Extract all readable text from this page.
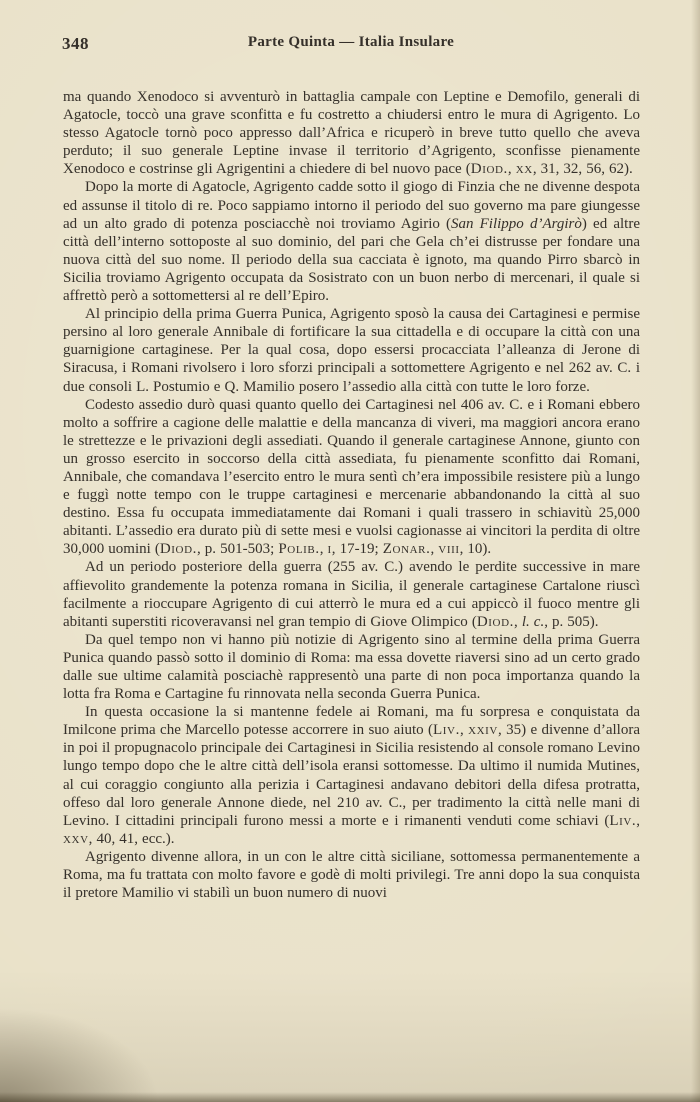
348	Parte Quinta — Italia Insulare

ma quando Xenodoco si avventurò in battaglia campale con Leptine e Demofilo, generali di Agatocle, toccò una grave sconfitta e fu costretto a chiudersi entro le mura di Agrigento. Lo stesso Agatocle tornò poco appresso dall’Africa e ricuperò in breve tutto quello che aveva perduto; il suo generale Leptine invase il territorio d’Agrigento, sconfisse pienamente Xenodoco e costrinse gli Agrigentini a chiedere di bel nuovo pace (Diod., xx, 31, 32, 56, 62).

Dopo la morte di Agatocle, Agrigento cadde sotto il giogo di Finzia che ne divenne despota ed assunse il titolo di re. Poco sappiamo intorno il periodo del suo governo ma pare giungesse ad un alto grado di potenza posciacchè noi troviamo Agirio (San Filippo d’Argirò) ed altre città dell’interno sottoposte al suo dominio, del pari che Gela ch’ei distrusse per fondare una nuova città del suo nome. Il periodo della sua cacciata è ignoto, ma quando Pirro sbarcò in Sicilia troviamo Agrigento occupata da Sosistrato con un buon nerbo di mercenari, il quale si affrettò però a sottomettersi al re dell’Epiro.

Al principio della prima Guerra Punica, Agrigento sposò la causa dei Cartaginesi e permise persino al loro generale Annibale di fortificare la sua cittadella e di occupare la città con una guarnigione cartaginese. Per la qual cosa, dopo essersi procacciata l’alleanza di Jerone di Siracusa, i Romani rivolsero i loro sforzi principali a sottomettere Agrigento e nel 262 av. C. i due consoli L. Postumio e Q. Mamilio posero l’assedio alla città con tutte le loro forze.

Codesto assedio durò quasi quanto quello dei Cartaginesi nel 406 av. C. e i Romani ebbero molto a soffrire a cagione delle malattie e della mancanza di viveri, ma maggiori ancora erano le strettezze e le privazioni degli assediati. Quando il generale cartaginese Annone, giunto con un grosso esercito in soccorso della città assediata, fu pienamente sconfitto dai Romani, Annibale, che comandava l’esercito entro le mura sentì ch’era impossibile resistere più a lungo e fuggì notte tempo con le truppe cartaginesi e mercenarie abbandonando la città al suo destino. Essa fu occupata immediatamente dai Romani i quali trassero in schiavitù 25,000 abitanti. L’assedio era durato più di sette mesi e vuolsi cagionasse ai vincitori la perdita di oltre 30,000 uomini (Diod., p. 501-503; Polib., i, 17-19; Zonar., viii, 10).

Ad un periodo posteriore della guerra (255 av. C.) avendo le perdite successive in mare affievolito grandemente la potenza romana in Sicilia, il generale cartaginese Cartalone riuscì facilmente a rioccupare Agrigento di cui atterrò le mura ed a cui appiccò il fuoco mentre gli abitanti superstiti ricoveravansi nel gran tempio di Giove Olimpico (Diod., l. c., p. 505).

Da quel tempo non vi hanno più notizie di Agrigento sino al termine della prima Guerra Punica quando passò sotto il dominio di Roma: ma essa dovette riaversi sino ad un certo grado dalle sue ultime calamità posciachè rappresentò una parte di non poca importanza quando la lotta fra Roma e Cartagine fu rinnovata nella seconda Guerra Punica.

In questa occasione la si mantenne fedele ai Romani, ma fu sorpresa e conquistata da Imilcone prima che Marcello potesse accorrere in suo aiuto (Liv., xxiv, 35) e divenne d’allora in poi il propugnacolo principale dei Cartaginesi in Sicilia resistendo al console romano Levino lungo tempo dopo che le altre città dell’isola eransi sottomesse. Da ultimo il numida Mutines, al cui coraggio congiunto alla perizia i Cartaginesi andavano debitori della difesa protratta, offeso dal loro generale Annone diede, nel 210 av. C., per tradimento la città nelle mani di Levino. I cittadini principali furono messi a morte e i rimanenti venduti come schiavi (Liv., xxv, 40, 41, ecc.).

Agrigento divenne allora, in un con le altre città siciliane, sottomessa permanentemente a Roma, ma fu trattata con molto favore e godè di molti privilegi. Tre anni dopo la sua conquista il pretore Mamilio vi stabilì un buon numero di nuovi
